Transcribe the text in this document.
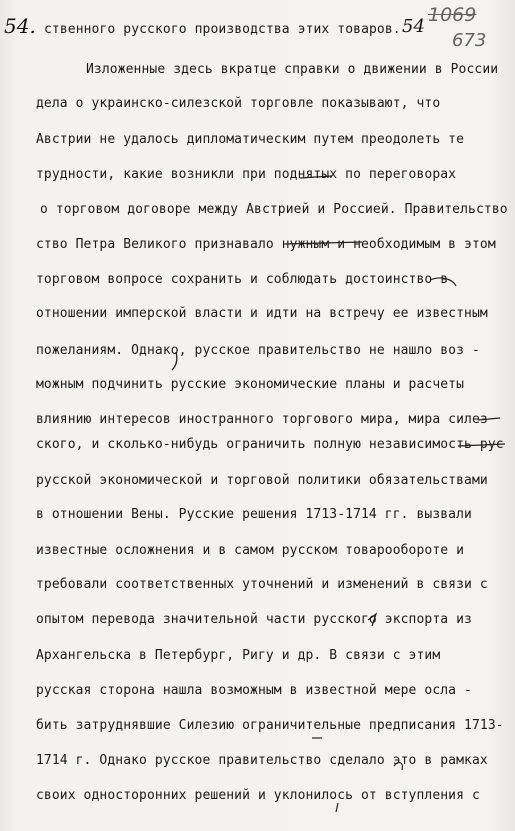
54.	54
1069
673
ственного русского производства этих товаров.
Изложенные здесь вкратце справки о движении в России
дела о украинско-силезской торговле показывают, что
Австрии не удалось дипломатическим путем преодолеть те
трудности, какие возникли при поднятых по переговорах
о торговом договоре между Австрией и Россией. Правительство
ство Петра Великого признавало нужным и необходимым в этом
торговом вопросе сохранить и соблюдать достоинство в
отношении имперской власти и идти на встречу ее известным
пожеланиям. Однако, русское правительство не нашло воз -
можным подчинить русские экономические планы и расчеты
влиянию интересов иностранного торгового мира, мира силез
ского, и сколько-нибудь ограничить полную независимость рус
русской экономической и торговой политики обязательствами
в отношении Вены. Русские решения 1713-1714 гг. вызвали
известные осложнения и в самом русском товарообороте и
требовали соответственных уточнений и изменений в связи с
опытом перевода значительной части русского экспорта из
Архангельска в Петербург, Ригу и др. В связи с этим
русская сторона нашла возможным в известной мере осла -
бить затруднявшие Силезию ограничительные предписания 1713-
1714 г. Однако русское правительство сделало это в рамках
своих односторонних решений и уклонилось от вступления с
